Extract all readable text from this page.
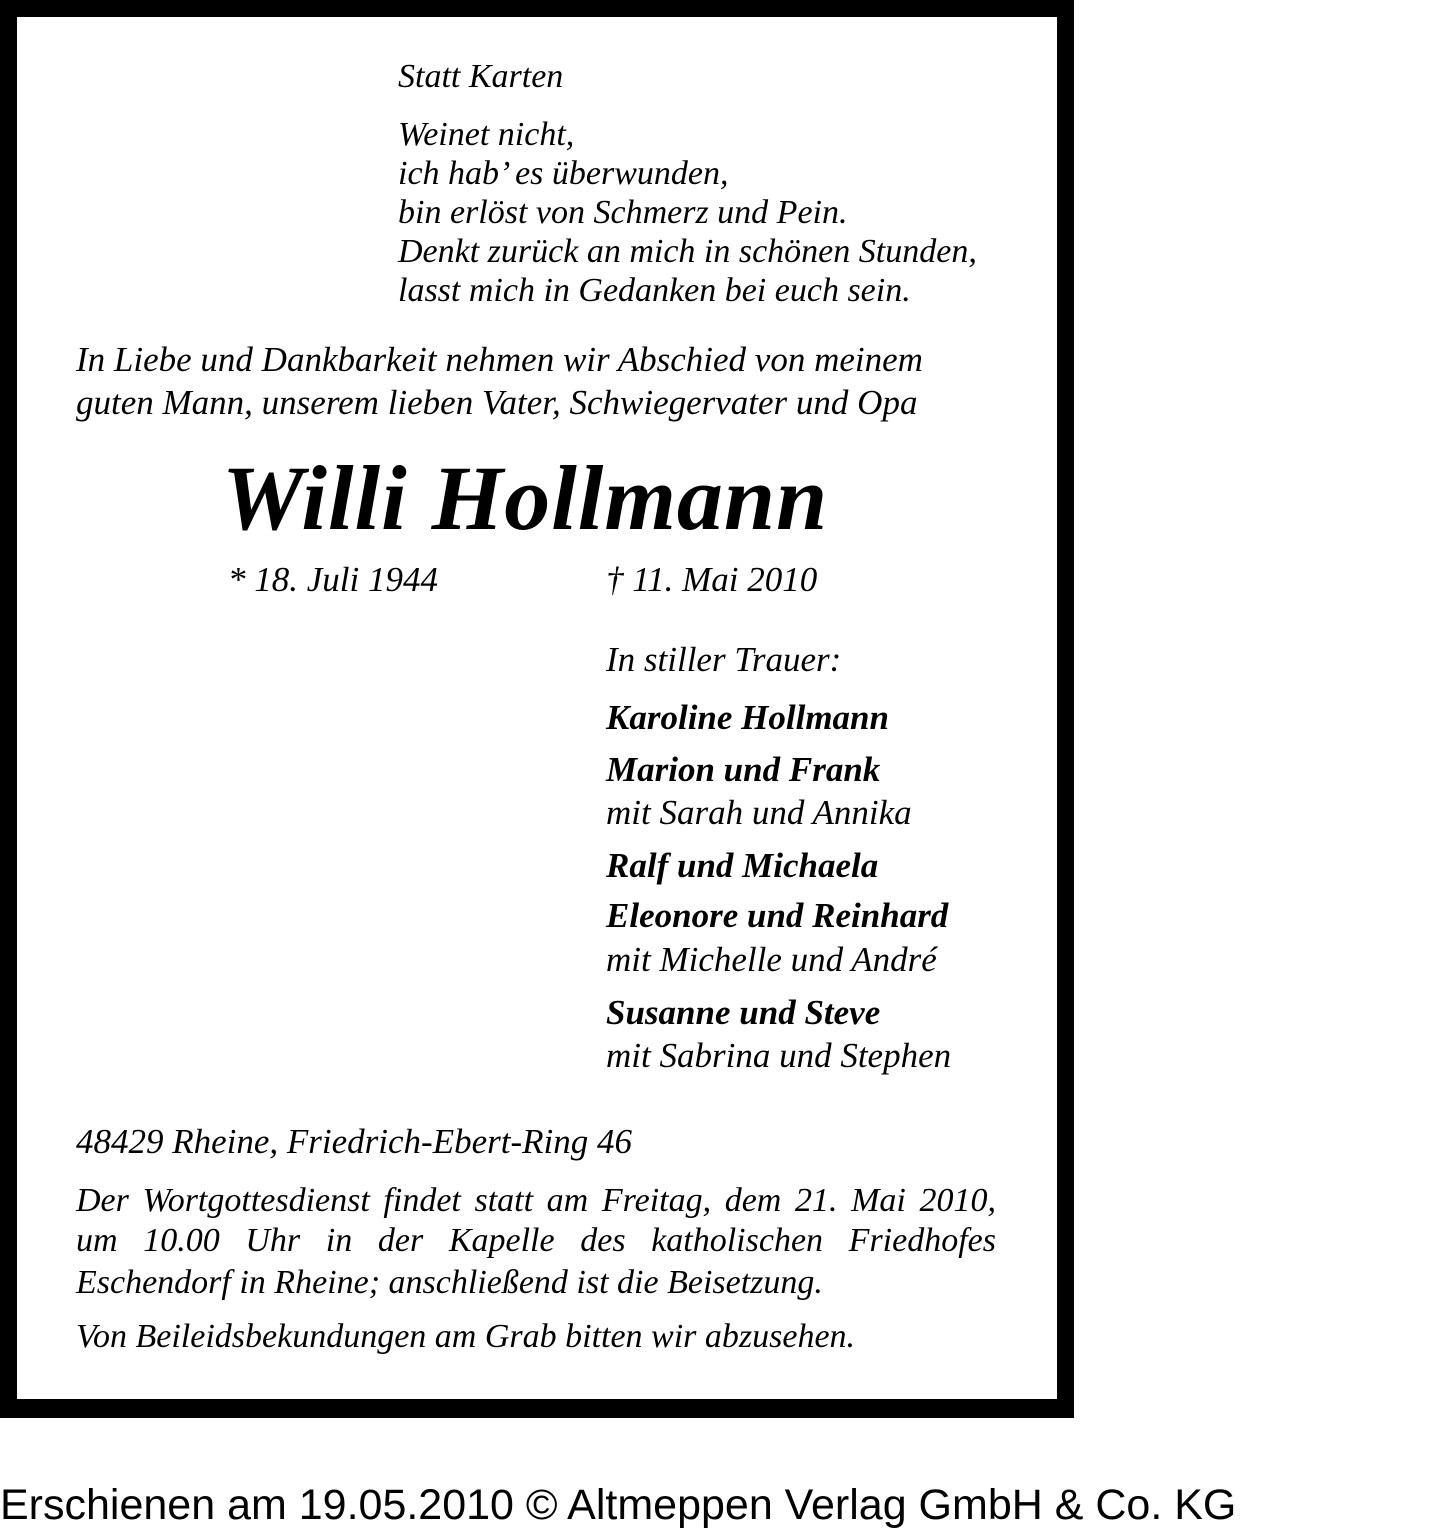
Statt Karten
Weinet nicht,
ich hab’ es überwunden,
bin erlöst von Schmerz und Pein.
Denkt zurück an mich in schönen Stunden,
lasst mich in Gedanken bei euch sein.
In Liebe und Dankbarkeit nehmen wir Abschied von meinem
guten Mann, unserem lieben Vater, Schwiegervater und Opa
Willi Hollmann
* 18. Juli 1944	† 11. Mai 2010
In stiller Trauer:
Karoline Hollmann
Marion und Frank
mit Sarah und Annika
Ralf und Michaela
Eleonore und Reinhard
mit Michelle und André
Susanne und Steve
mit Sabrina und Stephen
48429 Rheine, Friedrich-Ebert-Ring 46
Der Wortgottesdienst findet statt am Freitag, dem 21. Mai 2010,
um 10.00 Uhr in der Kapelle des katholischen Friedhofes
Eschendorf in Rheine; anschließend ist die Beisetzung.
Von Beileidsbekundungen am Grab bitten wir abzusehen.
Erschienen am 19.05.2010 © Altmeppen Verlag GmbH & Co. KG
